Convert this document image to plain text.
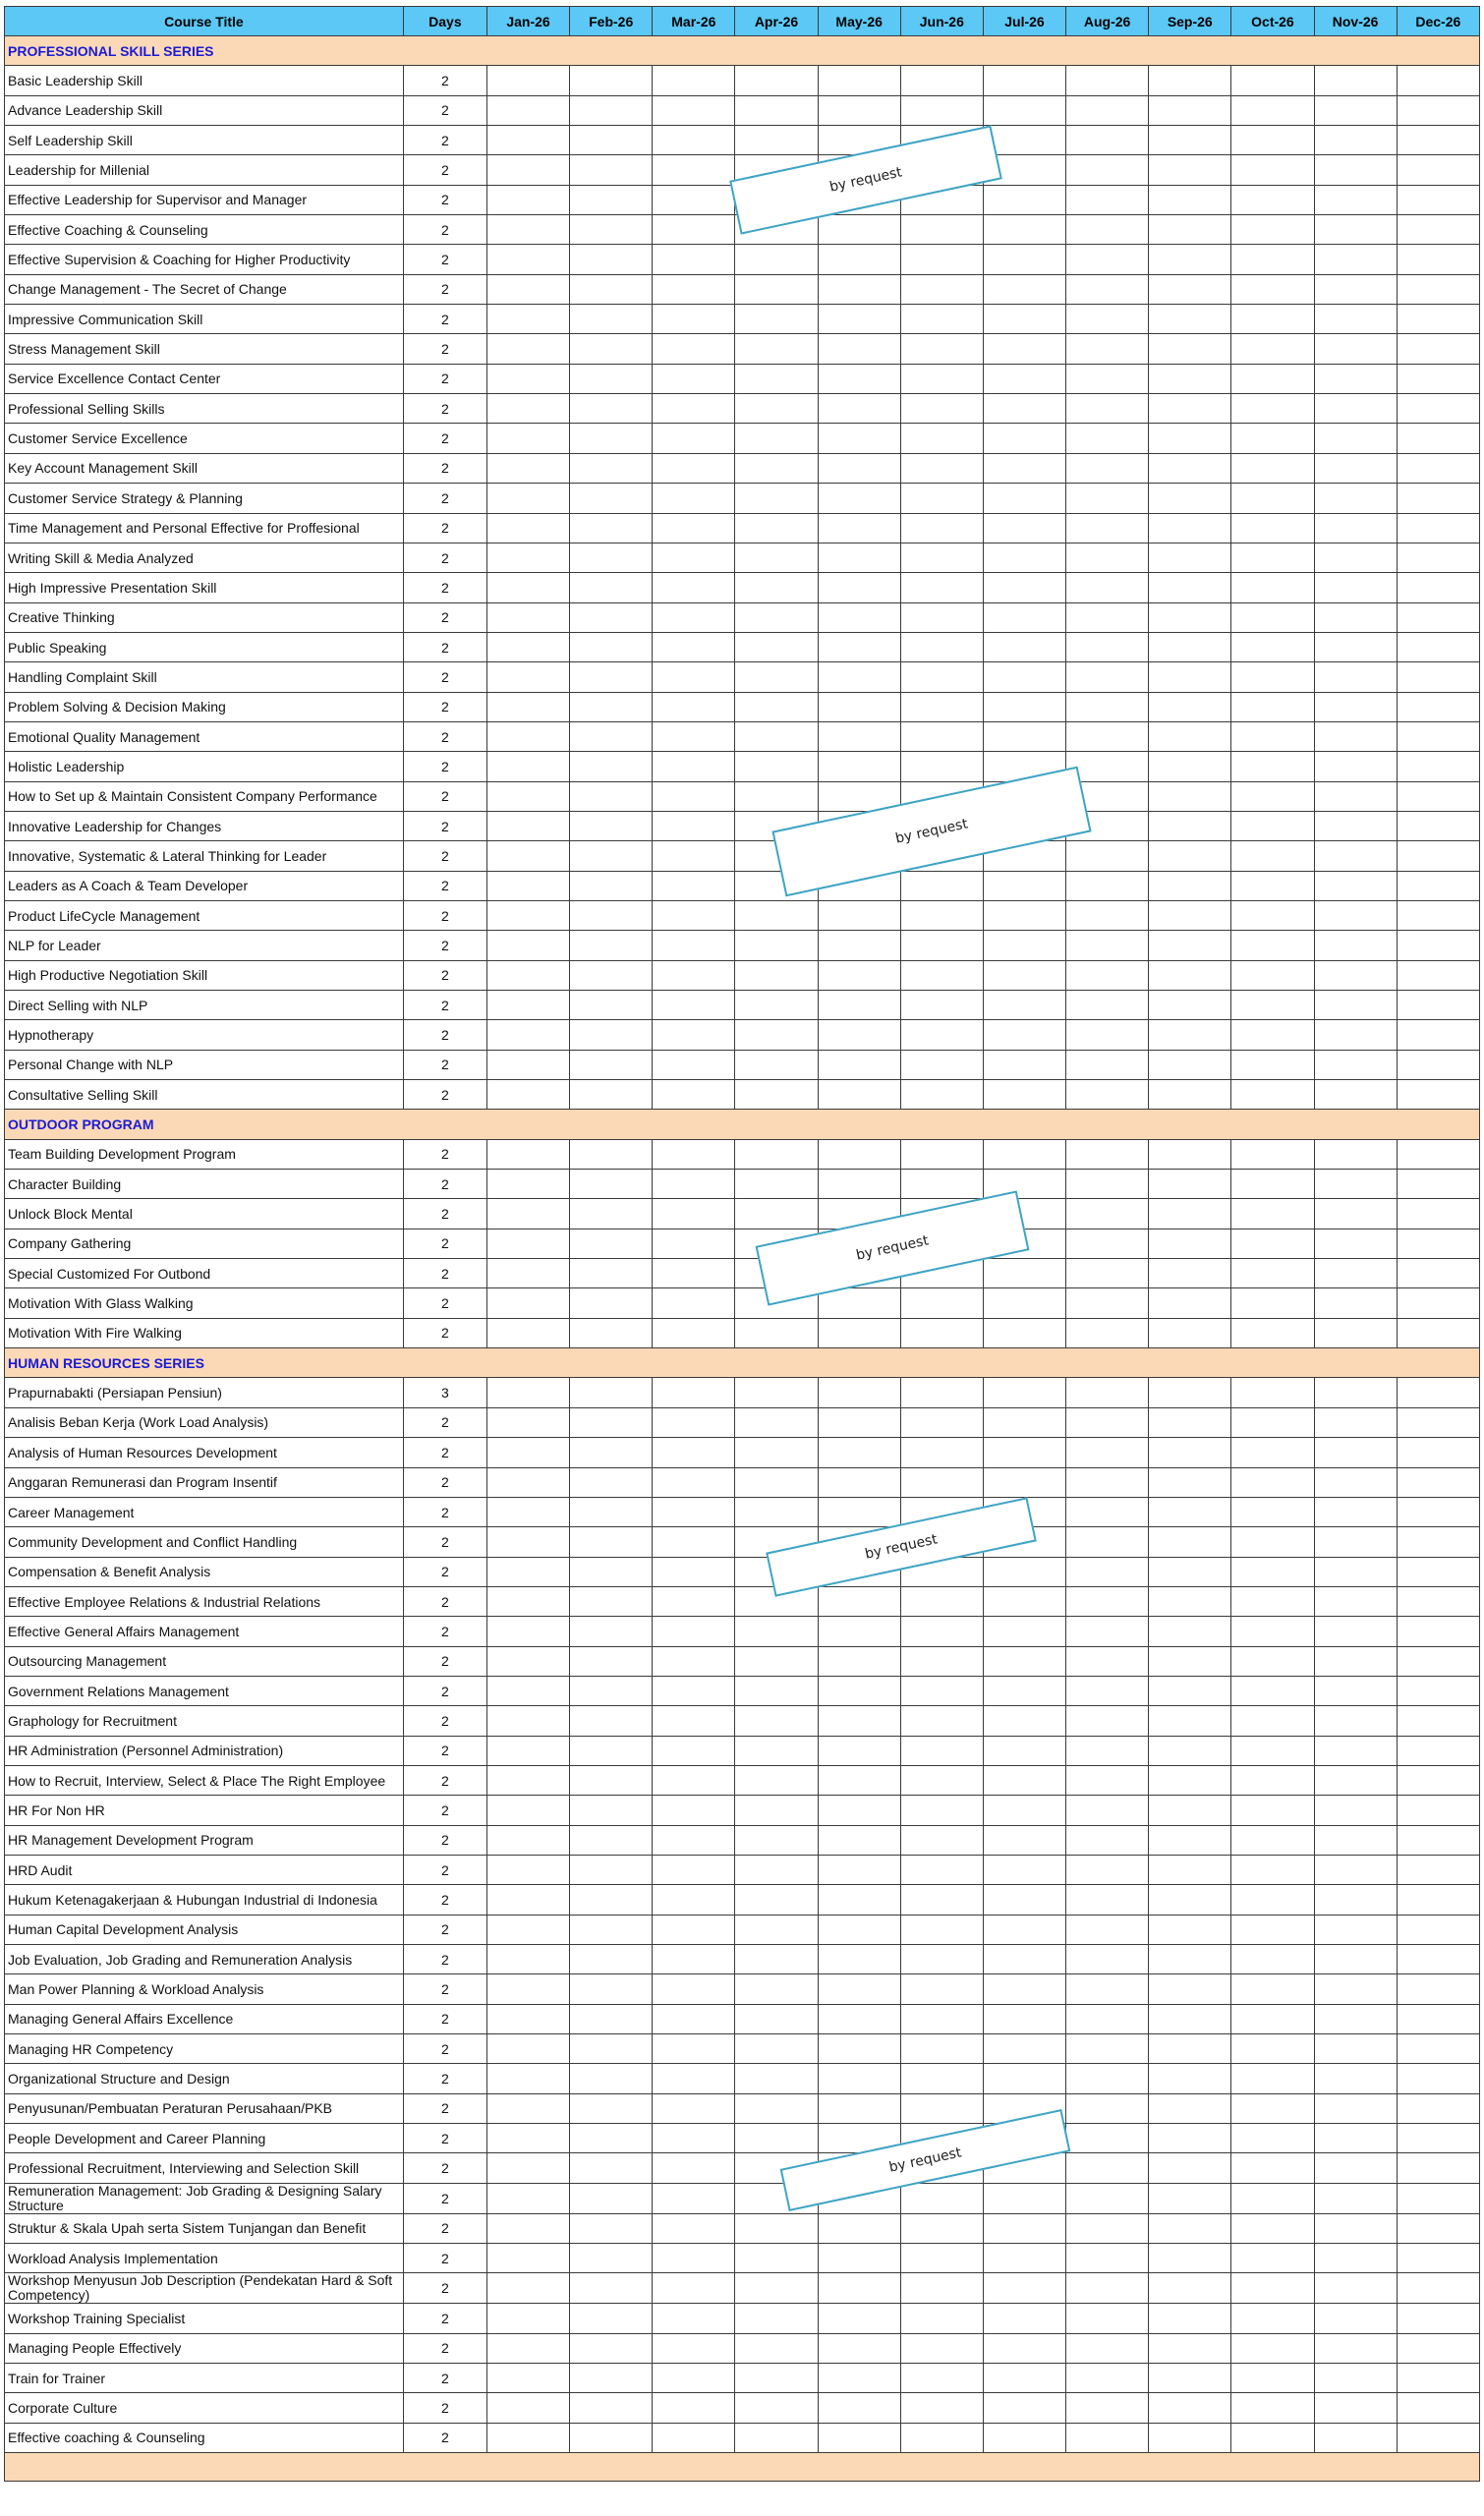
Course Title	Days	Jan-26	Feb-26	Mar-26	Apr-26	May-26	Jun-26	Jul-26	Aug-26	Sep-26	Oct-26	Nov-26	Dec-26
PROFESSIONAL SKILL SERIES													
Basic Leadership Skill	2												
Advance Leadership Skill	2												
Self Leadership Skill	2												
Leadership for Millenial	2												
Effective Leadership for Supervisor and Manager	2												
Effective Coaching & Counseling	2												
Effective Supervision & Coaching for Higher Productivity	2												
Change Management - The Secret of Change	2												
Impressive Communication Skill	2												
Stress Management Skill	2												
Service Excellence Contact Center	2												
Professional Selling Skills	2												
Customer Service Excellence	2												
Key Account Management Skill	2												
Customer Service Strategy & Planning	2												
Time Management and Personal Effective for Proffesional	2												
Writing Skill & Media Analyzed	2												
High Impressive Presentation Skill	2												
Creative Thinking	2												
Public Speaking	2												
Handling Complaint Skill	2												
Problem Solving & Decision Making	2												
Emotional Quality Management	2												
Holistic Leadership	2												
How to Set up & Maintain Consistent Company Performance	2												
Innovative Leadership for Changes	2												
Innovative, Systematic & Lateral Thinking for Leader	2												
Leaders as A Coach & Team Developer	2												
Product LifeCycle Management	2												
NLP for Leader	2												
High Productive Negotiation Skill	2												
Direct Selling with NLP	2												
Hypnotherapy	2												
Personal Change with NLP	2												
Consultative Selling Skill	2												
OUTDOOR PROGRAM													
Team Building Development Program	2												
Character Building	2												
Unlock Block Mental	2												
Company Gathering	2												
Special Customized For Outbond	2												
Motivation With Glass Walking	2												
Motivation With Fire Walking	2												
HUMAN RESOURCES SERIES													
Prapurnabakti (Persiapan Pensiun)	3												
Analisis Beban Kerja (Work Load Analysis)	2												
Analysis of Human Resources Development	2												
Anggaran Remunerasi dan Program Insentif	2												
Career Management	2												
Community Development and Conflict Handling	2												
Compensation & Benefit Analysis	2												
Effective Employee Relations & Industrial Relations	2												
Effective General Affairs Management	2												
Outsourcing Management	2												
Government Relations Management	2												
Graphology for Recruitment	2												
HR Administration (Personnel Administration)	2												
How to Recruit, Interview, Select & Place The Right Employee	2												
HR For Non HR	2												
HR Management Development Program	2												
HRD Audit	2												
Hukum Ketenagakerjaan & Hubungan Industrial di Indonesia	2												
Human Capital Development Analysis	2												
Job Evaluation, Job Grading and Remuneration Analysis	2												
Man Power Planning & Workload Analysis	2												
Managing General Affairs Excellence	2												
Managing HR Competency	2												
Organizational Structure and Design	2												
Penyusunan/Pembuatan Peraturan Perusahaan/PKB	2												
People Development and Career Planning	2												
Professional Recruitment, Interviewing and Selection Skill	2												
Remuneration Management: Job Grading & Designing Salary Structure	2												
Struktur & Skala Upah serta Sistem Tunjangan dan Benefit	2												
Workload Analysis Implementation	2												
Workshop Menyusun Job Description (Pendekatan Hard & Soft Competency)	2												
Workshop Training Specialist	2												
Managing People Effectively	2												
Train for Trainer	2												
Corporate Culture	2												
Effective coaching & Counseling	2												

by request
by request
by request
by request
by request
